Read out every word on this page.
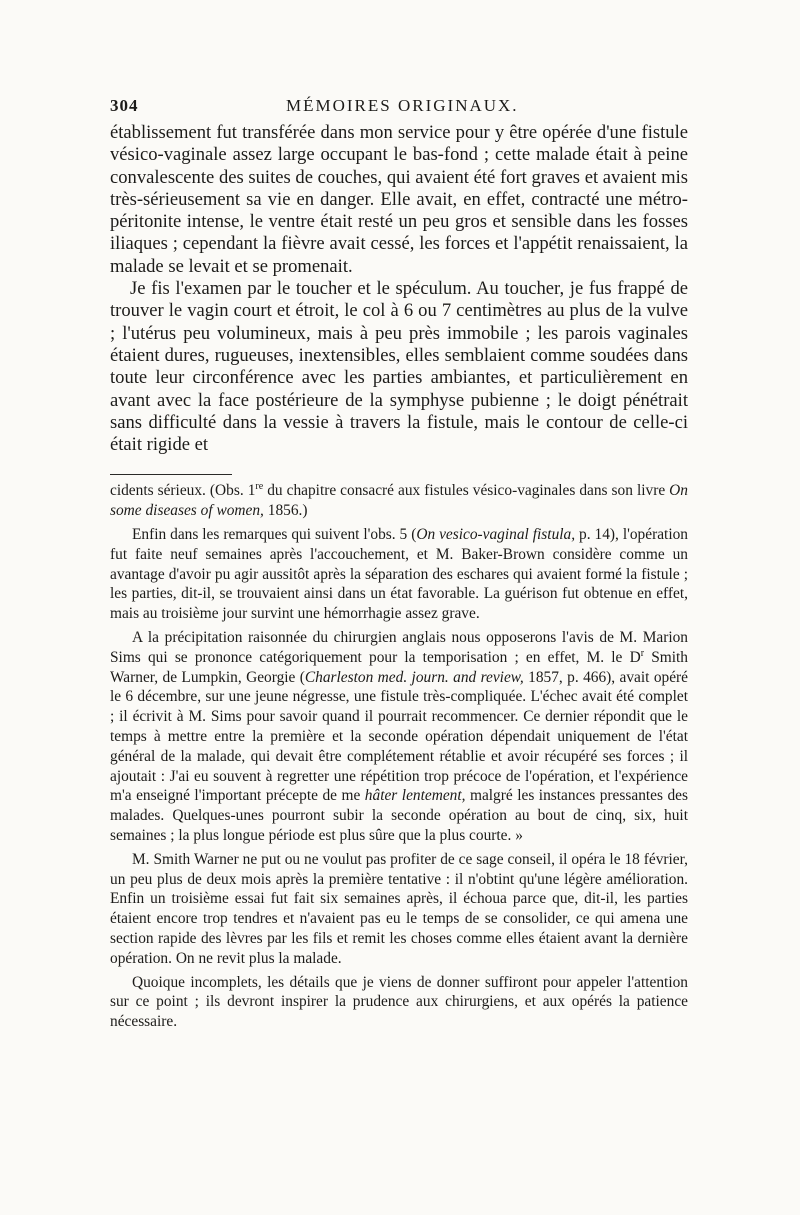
304	MÉMOIRES ORIGINAUX.

établissement fut transférée dans mon service pour y être opérée d'une fistule vésico-vaginale assez large occupant le bas-fond ; cette malade était à peine convalescente des suites de couches, qui avaient été fort graves et avaient mis très-sérieusement sa vie en danger. Elle avait, en effet, contracté une métro-péritonite intense, le ventre était resté un peu gros et sensible dans les fosses iliaques ; cependant la fièvre avait cessé, les forces et l'appétit renaissaient, la malade se levait et se promenait.

Je fis l'examen par le toucher et le spéculum. Au toucher, je fus frappé de trouver le vagin court et étroit, le col à 6 ou 7 centimètres au plus de la vulve ; l'utérus peu volumineux, mais à peu près immobile ; les parois vaginales étaient dures, rugueuses, inextensibles, elles semblaient comme soudées dans toute leur circonférence avec les parties ambiantes, et particulièrement en avant avec la face postérieure de la symphyse pubienne ; le doigt pénétrait sans difficulté dans la vessie à travers la fistule, mais le contour de celle-ci était rigide et

cidents sérieux. (Obs. 1re du chapitre consacré aux fistules vésico-vaginales dans son livre On some diseases of women, 1856.)

Enfin dans les remarques qui suivent l'obs. 5 (On vesico-vaginal fistula, p. 14), l'opération fut faite neuf semaines après l'accouchement, et M. Baker-Brown considère comme un avantage d'avoir pu agir aussitôt après la séparation des eschares qui avaient formé la fistule ; les parties, dit-il, se trouvaient ainsi dans un état favorable. La guérison fut obtenue en effet, mais au troisième jour survint une hémorrhagie assez grave.

A la précipitation raisonnée du chirurgien anglais nous opposerons l'avis de M. Marion Sims qui se prononce catégoriquement pour la temporisation ; en effet, M. le $D^r$ Smith Warner, de Lumpkin, Georgie (Charleston med. journ. and review, 1857, p. 466), avait opéré le 6 décembre, sur une jeune négresse, une fistule très-compliquée. L'échec avait été complet ; il écrivit à M. Sims pour savoir quand il pourrait recommencer. Ce dernier répondit que le temps à mettre entre la première et la seconde opération dépendait uniquement de l'état général de la malade, qui devait être complétement rétablie et avoir récupéré ses forces ; il ajoutait : J'ai eu souvent à regretter une répétition trop précoce de l'opération, et l'expérience m'a enseigné l'important précepte de me hâter lentement, malgré les instances pressantes des malades. Quelques-unes pourront subir la seconde opération au bout de cinq, six, huit semaines ; la plus longue période est plus sûre que la plus courte. »

M. Smith Warner ne put ou ne voulut pas profiter de ce sage conseil, il opéra le 18 février, un peu plus de deux mois après la première tentative : il n'obtint qu'une légère amélioration. Enfin un troisième essai fut fait six semaines après, il échoua parce que, dit-il, les parties étaient encore trop tendres et n'avaient pas eu le temps de se consolider, ce qui amena une section rapide des lèvres par les fils et remit les choses comme elles étaient avant la dernière opération. On ne revit plus la malade.

Quoique incomplets, les détails que je viens de donner suffiront pour appeler l'attention sur ce point ; ils devront inspirer la prudence aux chirurgiens, et aux opérés la patience nécessaire.
